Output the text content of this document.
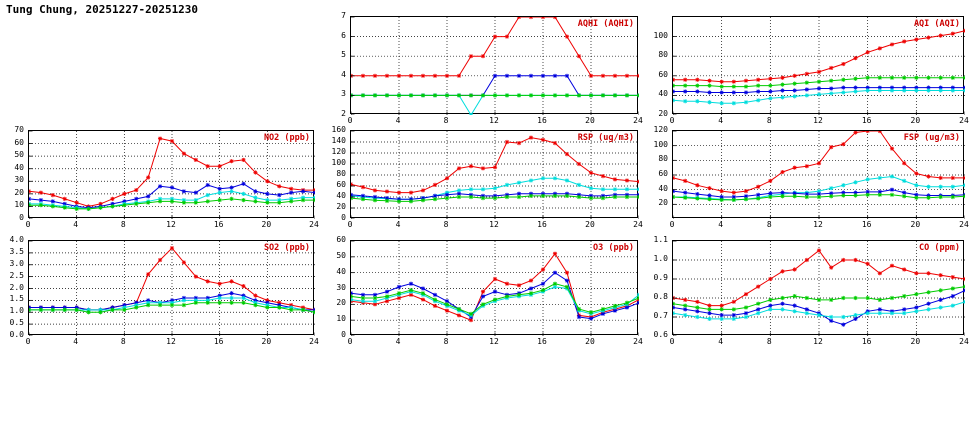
Tung Chung, 20251227-20251230
AQHI (AQHI)
2
3
4
5
6
7
0	4	8	12	16	20	24
AQI (AQI)
20
40
60
80
100
0	4	8	12	16	20	24
NO2 (ppb)
0
10
20
30
40
50
60
70
0	4	8	12	16	20	24
RSP (ug/m3)
0
20
40
60
80
100
120
140
160
0	4	8	12	16	20	24
FSP (ug/m3)
20
40
60
80
100
120
0	4	8	12	16	20	24
SO2 (ppb)
0.0
0.5
1.0
1.5
2.0
2.5
3.0
3.5
4.0
0	4	8	12	16	20	24
O3 (ppb)
0
10
20
30
40
50
60
0	4	8	12	16	20	24
CO (ppm)
0.6
0.7
0.8
0.9
1.0
1.1
0	4	8	12	16	20	24
